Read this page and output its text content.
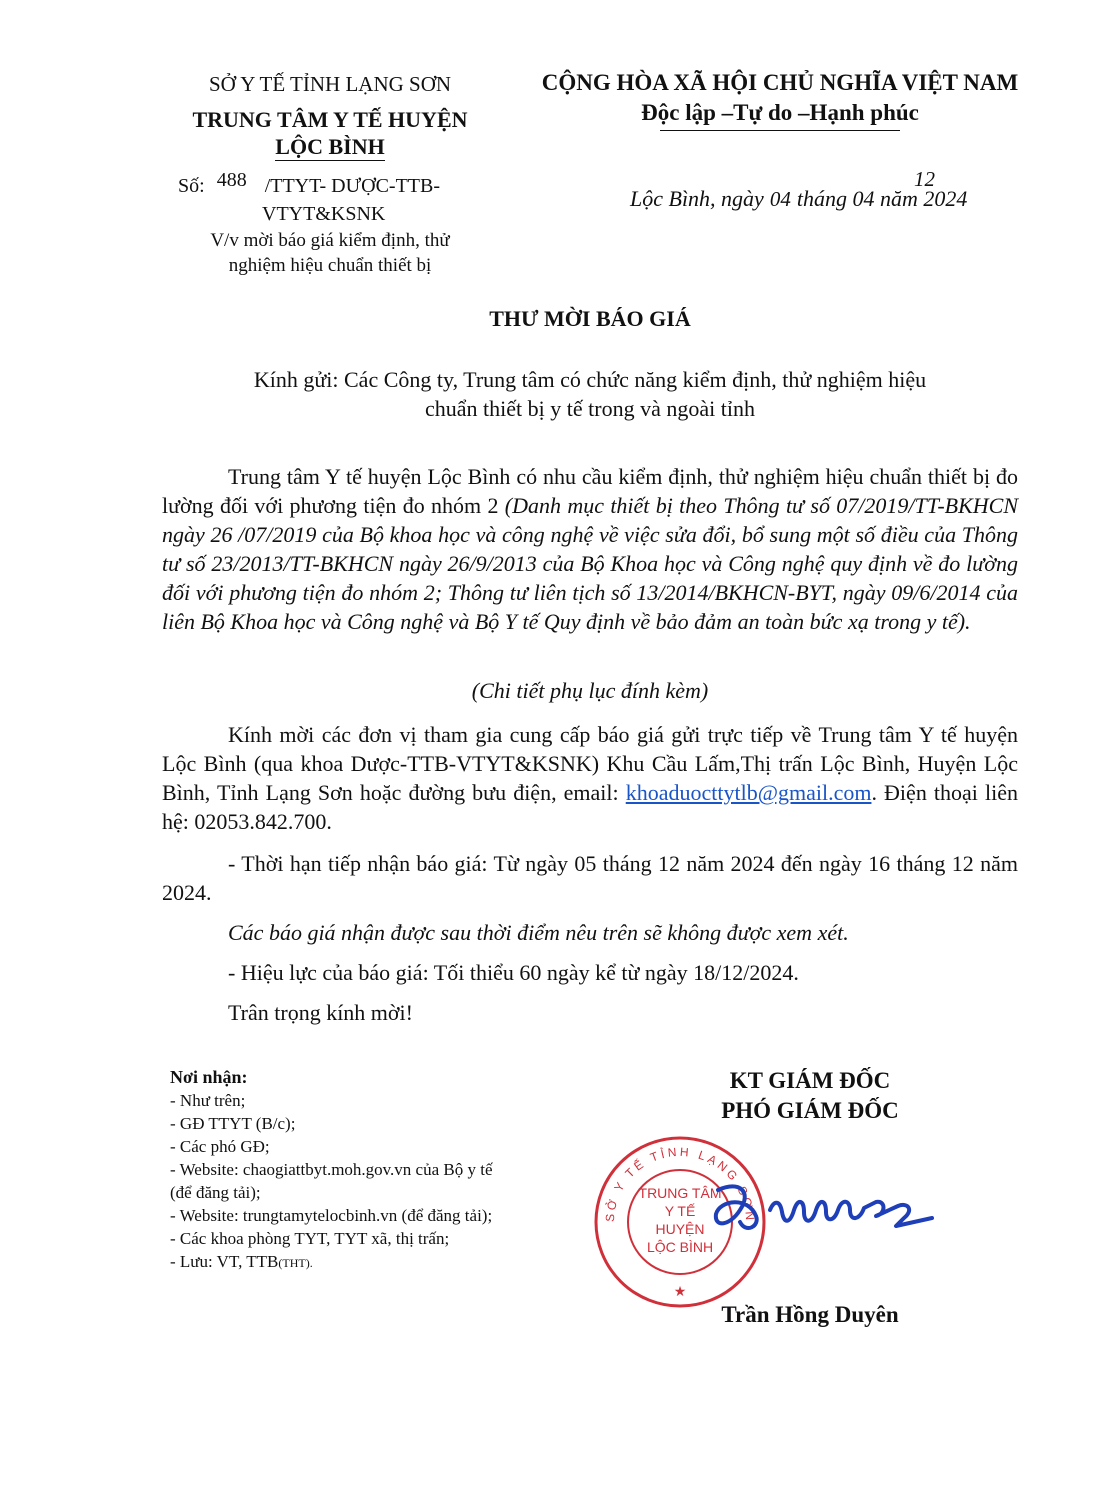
SỞ Y TẾ TỈNH LẠNG SƠN
TRUNG TÂM Y TẾ HUYỆN
LỘC BÌNH
Số: 488 /TTYT- DƯỢC-TTB-
VTYT&KSNK
V/v mời báo giá kiểm định, thử
nghiệm hiệu chuẩn thiết bị
CỘNG HÒA XÃ HỘI CHỦ NGHĨA VIỆT NAM
Độc lập –Tự do –Hạnh phúc
12
Lộc Bình, ngày 04 tháng 04 năm 2024
THƯ MỜI BÁO GIÁ
Kính gửi: Các Công ty, Trung tâm có chức năng kiểm định, thử nghiệm hiệu
chuẩn thiết bị y tế trong và ngoài tỉnh
Trung tâm Y tế huyện Lộc Bình có nhu cầu kiểm định, thử nghiệm hiệu chuẩn thiết bị đo lường đối với phương tiện đo nhóm 2 (Danh mục thiết bị theo Thông tư số 07/2019/TT-BKHCN ngày 26 /07/2019 của Bộ khoa học và công nghệ về việc sửa đổi, bổ sung một số điều của Thông tư số 23/2013/TT-BKHCN ngày 26/9/2013 của Bộ Khoa học và Công nghệ quy định về đo lường đối với phương tiện đo nhóm 2; Thông tư liên tịch số 13/2014/BKHCN-BYT, ngày 09/6/2014 của liên Bộ Khoa học và Công nghệ và Bộ Y tế Quy định về bảo đảm an toàn bức xạ trong y tế).
(Chi tiết phụ lục đính kèm)
Kính mời các đơn vị tham gia cung cấp báo giá gửi trực tiếp về Trung tâm Y tế huyện Lộc Bình (qua khoa Dược-TTB-VTYT&KSNK) Khu Cầu Lấm,Thị trấn Lộc Bình, Huyện Lộc Bình, Tỉnh Lạng Sơn hoặc đường bưu điện, email: khoaduocttytlb@gmail.com. Điện thoại liên hệ: 02053.842.700.
- Thời hạn tiếp nhận báo giá: Từ ngày 05 tháng 12 năm 2024 đến ngày 16 tháng 12 năm 2024.
Các báo giá nhận được sau thời điểm nêu trên sẽ không được xem xét.
- Hiệu lực của báo giá: Tối thiểu 60 ngày kể từ ngày 18/12/2024.
Trân trọng kính mời!
Nơi nhận:
- Như trên;
- GĐ TTYT (B/c);
- Các phó GĐ;
- Website: chaogiattbyt.moh.gov.vn của Bộ y tế
(để đăng tải);
- Website: trungtamytelocbinh.vn (để đăng tải);
- Các khoa phòng TYT, TYT xã, thị trấn;
- Lưu: VT, TTB(THT).
KT GIÁM ĐỐC
PHÓ GIÁM ĐỐC
SỞ Y TẾ TỈNH LẠNG SƠN
TRUNG TÂM
Y TẾ
HUYỆN
LỘC BÌNH
★
Trần Hồng Duyên
